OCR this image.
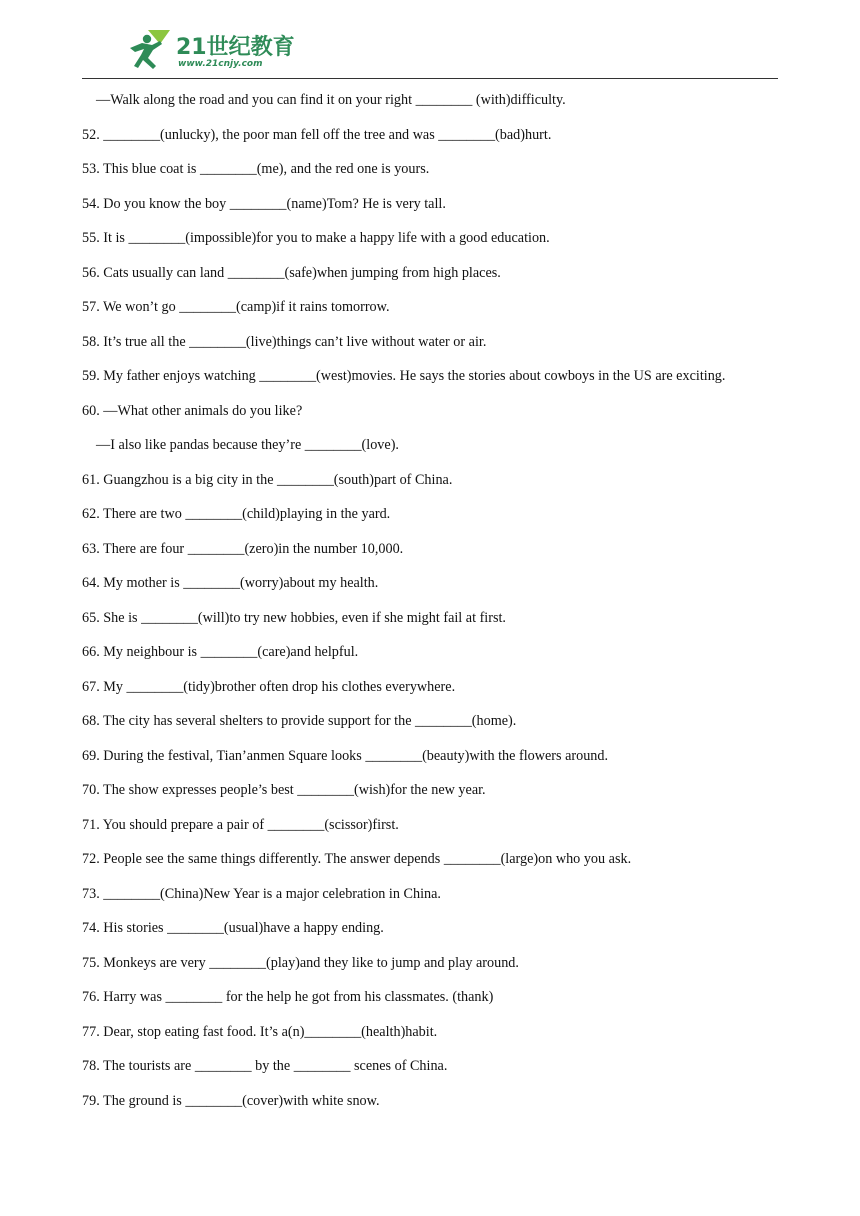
21世纪教育
www.21cnjy.com
—Walk along the road and you can find it on your right ________ (with)difficulty.
52. ________(unlucky), the poor man fell off the tree and was ________(bad)hurt.
53. This blue coat is ________(me), and the red one is yours.
54. Do you know the boy ________(name)Tom? He is very tall.
55. It is ________(impossible)for you to make a happy life with a good education.
56. Cats usually can land ________(safe)when jumping from high places.
57. We won’t go ________(camp)if it rains tomorrow.
58. It’s true all the ________(live)things can’t live without water or air.
59. My father enjoys watching ________(west)movies. He says the stories about cowboys in the US are exciting.
60. —What other animals do you like?
—I also like pandas because they’re ________(love).
61. Guangzhou is a big city in the ________(south)part of China.
62. There are two ________(child)playing in the yard.
63. There are four ________(zero)in the number 10,000.
64. My mother is ________(worry)about my health.
65. She is ________(will)to try new hobbies, even if she might fail at first.
66. My neighbour is ________(care)and helpful.
67. My ________(tidy)brother often drop his clothes everywhere.
68. The city has several shelters to provide support for the ________(home).
69. During the festival, Tian’anmen Square looks ________(beauty)with the flowers around.
70. The show expresses people’s best ________(wish)for the new year.
71. You should prepare a pair of ________(scissor)first.
72. People see the same things differently. The answer depends ________(large)on who you ask.
73. ________(China)New Year is a major celebration in China.
74. His stories ________(usual)have a happy ending.
75. Monkeys are very ________(play)and they like to jump and play around.
76. Harry was ________ for the help he got from his classmates. (thank)
77. Dear, stop eating fast food. It’s a(n)________(health)habit.
78. The tourists are ________ by the ________ scenes of China.
79. The ground is ________(cover)with white snow.
